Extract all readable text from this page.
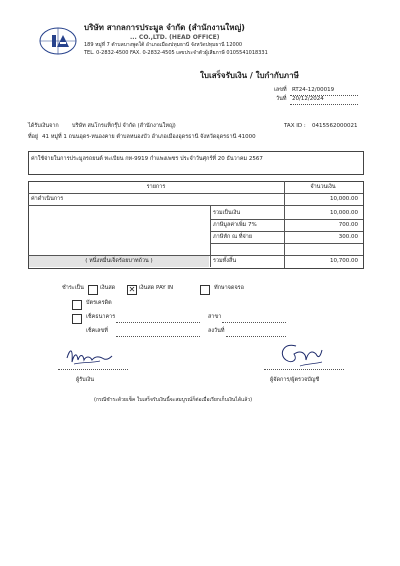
บริษัท สากลการประมูล จำกัด (สำนักงานใหญ่)
... CO.,LTD. (HEAD OFFICE)
189 หมู่ที่ 7 ตำบลบางพูดใต้ อำเภอเมืองปทุมธานี จังหวัดปทุมธานี 12000
TEL. 0-2832-4500 FAX. 0-2832-4505 เลขประจำตัวผู้เสียภาษี 0105541018331
ใบเสร็จรับเงิน / ใบกำกับภาษี
เลขที่ RT24-12/00019
วันที่ 20/12/2024
ได้รับเงินจาก บริษัท สนโกรแท็กรุ๊ป จำกัด (สำนักงานใหญ่)	TAX ID : 0415562000021
ที่อยู่ 41 หมู่ที่ 1 ถนนอุดร-หนองคาย ตำบลหนองบัว อำเภอเมืองอุดรธานี จังหวัดอุดรธานี 41000
ค่าใช้จ่ายในการประมูลรถยนต์ ทะเบียน กท-9919 กำแพงเพชร ประจำวันศุกร์ที่ 20 ธันวาคม 2567
รายการ	จำนวนเงิน
ค่าดำเนินการ	10,000.00
รวมเป็นเงิน	10,000.00
ภาษีมูลค่าเพิ่ม 7%	700.00
ภาษีหัก ณ ที่จ่าย	300.00
( หนึ่งหมื่นเจ็ดร้อยบาทถ้วน )	รวมทั้งสิ้น	10,700.00
ชำระเป็น	เงินสด ✕ เงินสด PAY IN	ทักษาจดจรอ
บัตรเครดิต
เช็คธนาคาร	สาขา
เช็คเลขที่	ลงวันที่
ผู้รับเงิน	ผู้จัดการ/ผู้ตรวจบัญชี
(กรณีชำระด้วยเช็ค ใบเสร็จรับเงินนี้จะสมบูรณ์ก็ต่อเมื่อเรียกเก็บเงินได้แล้ว)
